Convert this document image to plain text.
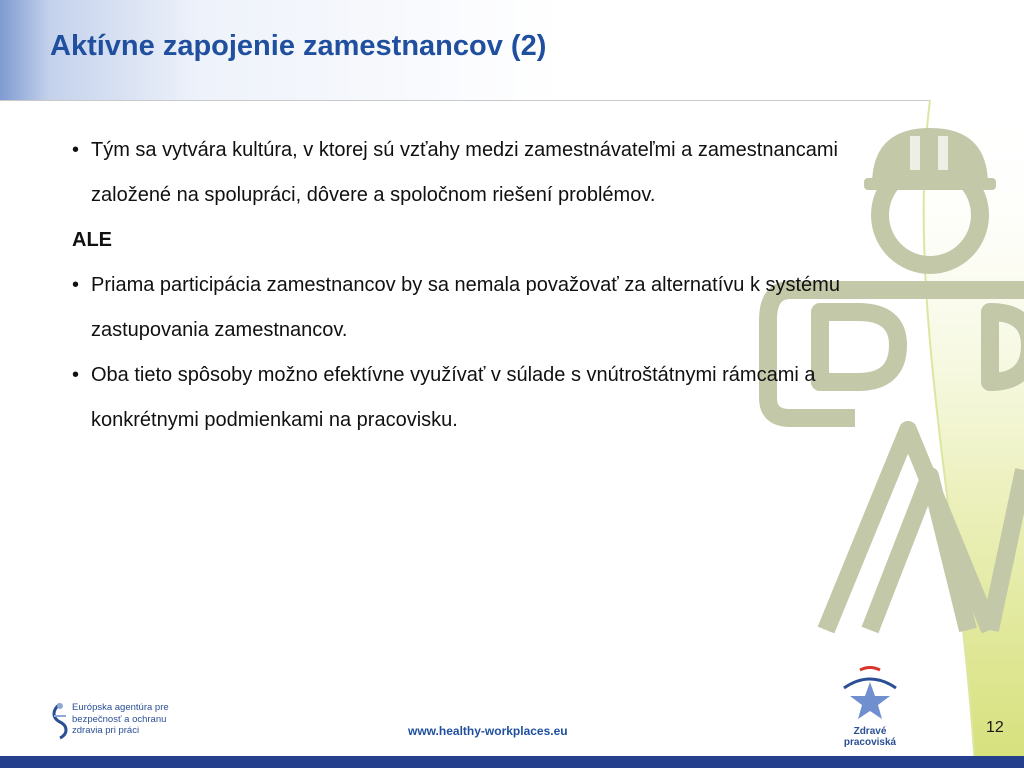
Aktívne zapojenie zamestnancov (2)
• Tým sa vytvára kultúra, v ktorej sú vzťahy medzi zamestnávateľmi a zamestnancami založené na spolupráci, dôvere a spoločnom riešení problémov.
ALE
• Priama participácia zamestnancov by sa nemala považovať za alternatívu k systému zastupovania zamestnancov.
• Oba tieto spôsoby možno efektívne využívať v súlade s vnútroštátnymi rámcami a konkrétnymi podmienkami na pracovisku.
Európska agentúra pre
bezpečnosť a ochranu
zdravia pri práci	www.healthy-workplaces.eu	Zdravé pracoviská
12
